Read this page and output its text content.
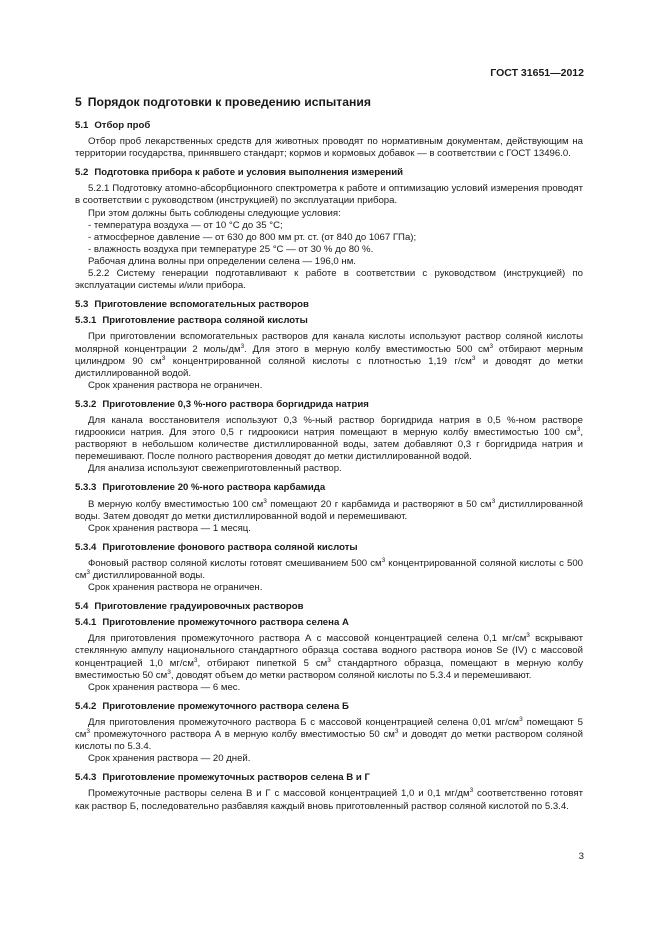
ГОСТ 31651—2012
5 Порядок подготовки к проведению испытания
5.1 Отбор проб

Отбор проб лекарственных средств для животных проводят по нормативным документам, действующим на территории государства, принявшего стандарт; кормов и кормовых добавок — в соответствии с ГОСТ 13496.0.

5.2 Подготовка прибора к работе и условия выполнения измерений

5.2.1 Подготовку атомно-абсорбционного спектрометра к работе и оптимизацию условий измерения проводят в соответствии с руководством (инструкцией) по эксплуатации прибора.

При этом должны быть соблюдены следующие условия:

- температура воздуха — от 10 °С до 35 °С;

- атмосферное давление — от 630 до 800 мм рт. ст. (от 840 до 1067 ГПа);

- влажность воздуха при температуре 25 °С — от 30 % до 80 %.

Рабочая длина волны при определении селена — 196,0 нм.

5.2.2 Систему генерации подготавливают к работе в соответствии с руководством (инструкцией) по эксплуатации системы и/или прибора.

5.3 Приготовление вспомогательных растворов
5.3.1 Приготовление раствора соляной кислоты

При приготовлении вспомогательных растворов для канала кислоты используют раствор соляной кислоты молярной концентрации 2 моль/$дм^3$. Для этого в мерную колбу вместимостью 500 $см^3$ отбирают мерным цилиндром 90 $см^3$ концентрированной соляной кислоты с плотностью 1,19 $г/см^3$ и доводят до метки дистиллированной водой.

Срок хранения раствора не ограничен.

5.3.2 Приготовление 0,3 %-ного раствора боргидрида натрия

Для канала восстановителя используют 0,3 %-ный раствор боргидрида натрия в 0,5 %-ном растворе гидроокиси натрия. Для этого 0,5 г гидроокиси натрия помещают в мерную колбу вместимостью 100 $см^3$, растворяют в небольшом количестве дистиллированной воды, затем добавляют 0,3 г боргидрида натрия и перемешивают. После полного растворения доводят до метки дистиллированной водой.

Для анализа используют свежеприготовленный раствор.

5.3.3 Приготовление 20 %-ного раствора карбамида

В мерную колбу вместимостью 100 $см^3$ помещают 20 г карбамида и растворяют в 50 $см^3$ дистиллированной воды. Затем доводят до метки дистиллированной водой и перемешивают.

Срок хранения раствора — 1 месяц.

5.3.4 Приготовление фонового раствора соляной кислоты

Фоновый раствор соляной кислоты готовят смешиванием 500 $см^3$ концентрированной соляной кислоты с 500 $см^3$ дистиллированной воды.

Срок хранения раствора не ограничен.

5.4 Приготовление градуировочных растворов
5.4.1 Приготовление промежуточного раствора селена А

Для приготовления промежуточного раствора А с массовой концентрацией селена 0,1 $мг/см^3$ вскрывают стеклянную ампулу национального стандартного образца состава водного раствора ионов Se (IV) с массовой концентрацией 1,0 $мг/см^3$, отбирают пипеткой 5 $см^3$ стандартного образца, помещают в мерную колбу вместимостью 50 $см^3$, доводят объем до метки раствором соляной кислоты по 5.3.4 и перемешивают.

Срок хранения раствора — 6 мес.

5.4.2 Приготовление промежуточного раствора селена Б

Для приготовления промежуточного раствора Б с массовой концентрацией селена 0,01 $мг/см^3$ помещают 5 $см^3$ промежуточного раствора А в мерную колбу вместимостью 50 $см^3$ и доводят до метки раствором соляной кислоты по 5.3.4.

Срок хранения раствора — 20 дней.

5.4.3 Приготовление промежуточных растворов селена В и Г

Промежуточные растворы селена В и Г с массовой концентрацией 1,0 и 0,1 $мг/дм^3$ соответственно готовят как раствор Б, последовательно разбавляя каждый вновь приготовленный раствор соляной кислотой по 5.3.4.

3
